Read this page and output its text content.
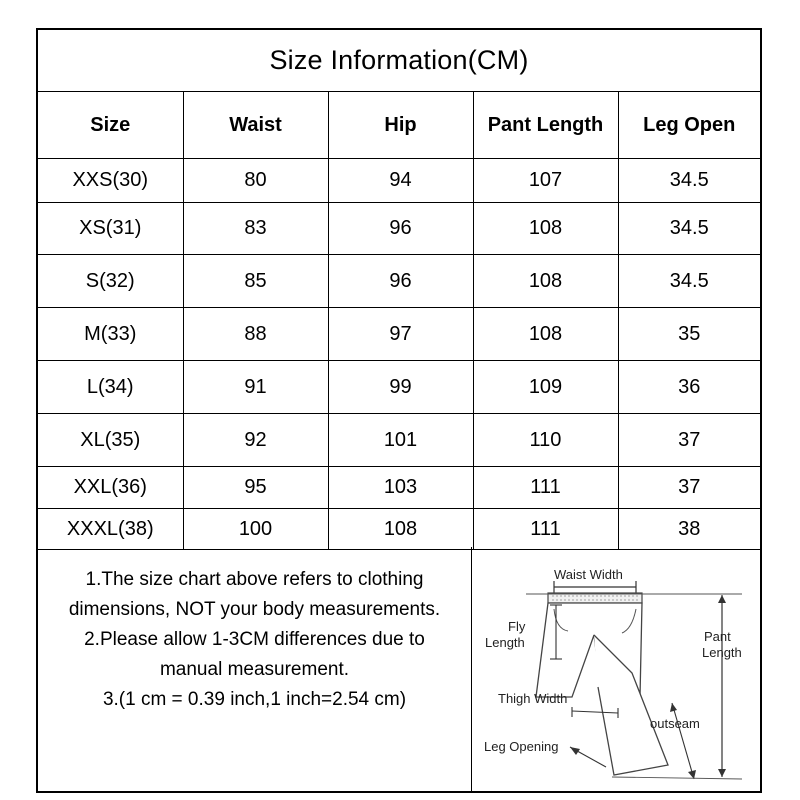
Size Information(CM)
Size	Waist	Hip	Pant Length	Leg Open
XXS(30)	80	94	107	34.5
XS(31)	83	96	108	34.5
S(32)	85	96	108	34.5
M(33)	88	97	108	35
L(34)	91	99	109	36
XL(35)	92	101	110	37
XXL(36)	95	103	111	37
XXXL(38)	100	108	111	38

1.The size chart above refers to clothing

dimensions, NOT your body measurements.

2.Please allow 1-3CM differences due to

manual measurement.

3.(1 cm = 0.39 inch,1 inch=2.54 cm)

Waist Width
Fly
Length	Pant
Length
Thigh Width
outseam
Leg Opening
